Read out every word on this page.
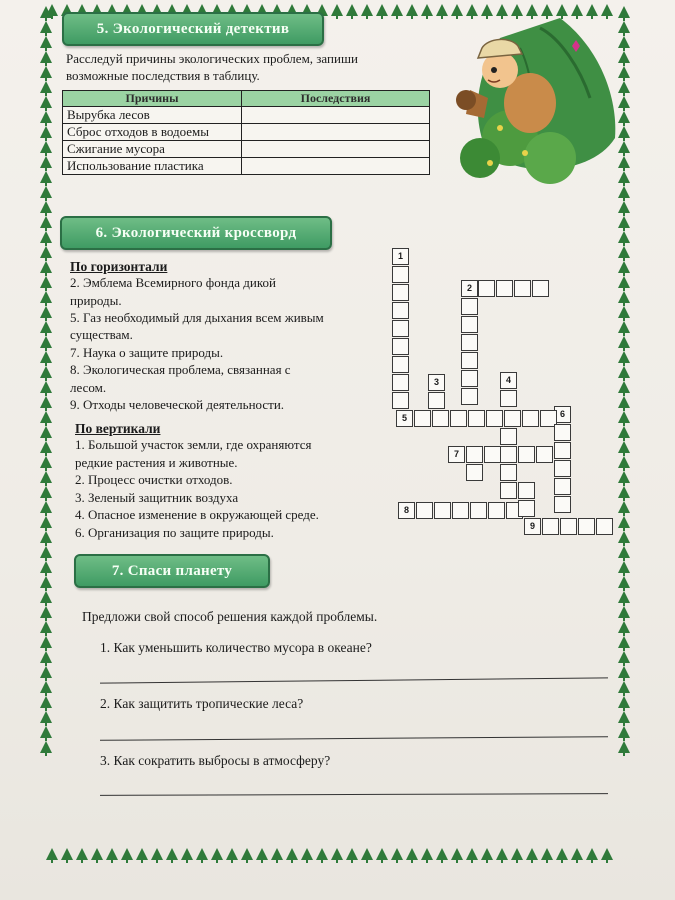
5. Экологический детектив
Расследуй причины экологических проблем, запиши
возможные последствия в таблицу.
Причины	Последствия
Вырубка лесов	
Сброс отходов в водоемы	
Сжигание мусора	
Использование пластика	
6. Экологический кроссворд
По горизонтали
2. Эмблема Всемирного фонда дикой
природы.
5. Газ необходимый для дыхания всем живым
существам.
7. Наука о защите природы.
8. Экологическая проблема, связанная с
лесом.
9. Отходы человеческой деятельности.
По вертикали
1. Большой участок земли, где охраняются
редкие растения и животные.
2. Процесс очистки отходов.
3. Зеленый защитник воздуха
4. Опасное изменение в окружающей среде.
6. Организация по защите природы.
1
2
3	4
5	6
7
8
9
7. Спаси планету
Предложи свой способ решения каждой проблемы.
1. Как уменьшить количество мусора в океане?
2. Как защитить тропические леса?
3. Как сократить выбросы в атмосферу?
